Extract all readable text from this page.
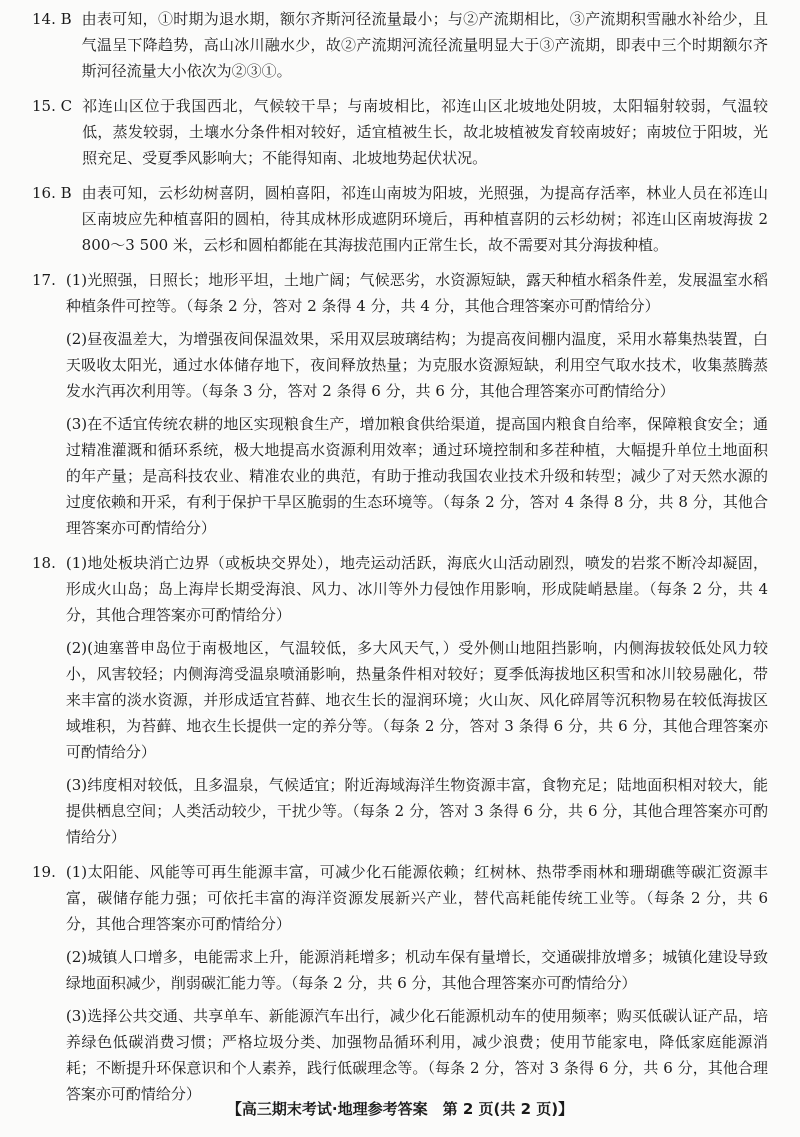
14. B 由表可知，①时期为退水期，额尔齐斯河径流量最小；与②产流期相比，③产流期积雪融水补给少，且气温呈下降趋势，高山冰川融水少，故②产流期河流径流量明显大于③产流期，即表中三个时期额尔齐斯河径流量大小依次为②③①。

15. C 祁连山区位于我国西北，气候较干旱；与南坡相比，祁连山区北坡地处阴坡，太阳辐射较弱，气温较低，蒸发较弱，土壤水分条件相对较好，适宜植被生长，故北坡植被发育较南坡好；南坡位于阳坡，光照充足、受夏季风影响大；不能得知南、北坡地势起伏状况。

16. B 由表可知，云杉幼树喜阴，圆柏喜阳，祁连山南坡为阳坡，光照强，为提高存活率，林业人员在祁连山区南坡应先种植喜阳的圆柏，待其成林形成遮阴环境后，再种植喜阴的云杉幼树；祁连山区南坡海拔 2 800～3 500 米，云杉和圆柏都能在其海拔范围内正常生长，故不需要对其分海拔种植。

17. (1)光照强，日照长；地形平坦，土地广阔；气候恶劣，水资源短缺，露天种植水稻条件差，发展温室水稻种植条件可控等。（每条 2 分，答对 2 条得 4 分，共 4 分，其他合理答案亦可酌情给分）

(2)昼夜温差大，为增强夜间保温效果，采用双层玻璃结构；为提高夜间棚内温度，采用水幕集热装置，白天吸收太阳光，通过水体储存地下，夜间释放热量；为克服水资源短缺，利用空气取水技术，收集蒸腾蒸发水汽再次利用等。（每条 3 分，答对 2 条得 6 分，共 6 分，其他合理答案亦可酌情给分）

(3)在不适宜传统农耕的地区实现粮食生产，增加粮食供给渠道，提高国内粮食自给率，保障粮食安全；通过精准灌溉和循环系统，极大地提高水资源利用效率；通过环境控制和多茬种植，大幅提升单位土地面积的年产量；是高科技农业、精准农业的典范，有助于推动我国农业技术升级和转型；减少了对天然水源的过度依赖和开采，有利于保护干旱区脆弱的生态环境等。（每条 2 分，答对 4 条得 8 分，共 8 分，其他合理答案亦可酌情给分）

18. (1)地处板块消亡边界（或板块交界处），地壳运动活跃，海底火山活动剧烈，喷发的岩浆不断冷却凝固，形成火山岛；岛上海岸长期受海浪、风力、冰川等外力侵蚀作用影响，形成陡峭悬崖。（每条 2 分，共 4 分，其他合理答案亦可酌情给分）

(2)(迪塞普申岛位于南极地区，气温较低，多大风天气，）受外侧山地阻挡影响，内侧海拔较低处风力较小，风害较轻；内侧海湾受温泉喷涌影响，热量条件相对较好；夏季低海拔地区积雪和冰川较易融化，带来丰富的淡水资源，并形成适宜苔藓、地衣生长的湿润环境；火山灰、风化碎屑等沉积物易在较低海拔区域堆积，为苔藓、地衣生长提供一定的养分等。（每条 2 分，答对 3 条得 6 分，共 6 分，其他合理答案亦可酌情给分）

(3)纬度相对较低，且多温泉，气候适宜；附近海域海洋生物资源丰富，食物充足；陆地面积相对较大，能提供栖息空间；人类活动较少，干扰少等。（每条 2 分，答对 3 条得 6 分，共 6 分，其他合理答案亦可酌情给分）

19. (1)太阳能、风能等可再生能源丰富，可减少化石能源依赖；红树林、热带季雨林和珊瑚礁等碳汇资源丰富，碳储存能力强；可依托丰富的海洋资源发展新兴产业，替代高耗能传统工业等。（每条 2 分，共 6 分，其他合理答案亦可酌情给分）

(2)城镇人口增多，电能需求上升，能源消耗增多；机动车保有量增长，交通碳排放增多；城镇化建设导致绿地面积减少，削弱碳汇能力等。（每条 2 分，共 6 分，其他合理答案亦可酌情给分）

(3)选择公共交通、共享单车、新能源汽车出行，减少化石能源机动车的使用频率；购买低碳认证产品，培养绿色低碳消费习惯；严格垃圾分类、加强物品循环利用，减少浪费；使用节能家电，降低家庭能源消耗；不断提升环保意识和个人素养，践行低碳理念等。（每条 2 分，答对 3 条得 6 分，共 6 分，其他合理答案亦可酌情给分）

【高三期末考试·地理参考答案　第 2 页(共 2 页)】
